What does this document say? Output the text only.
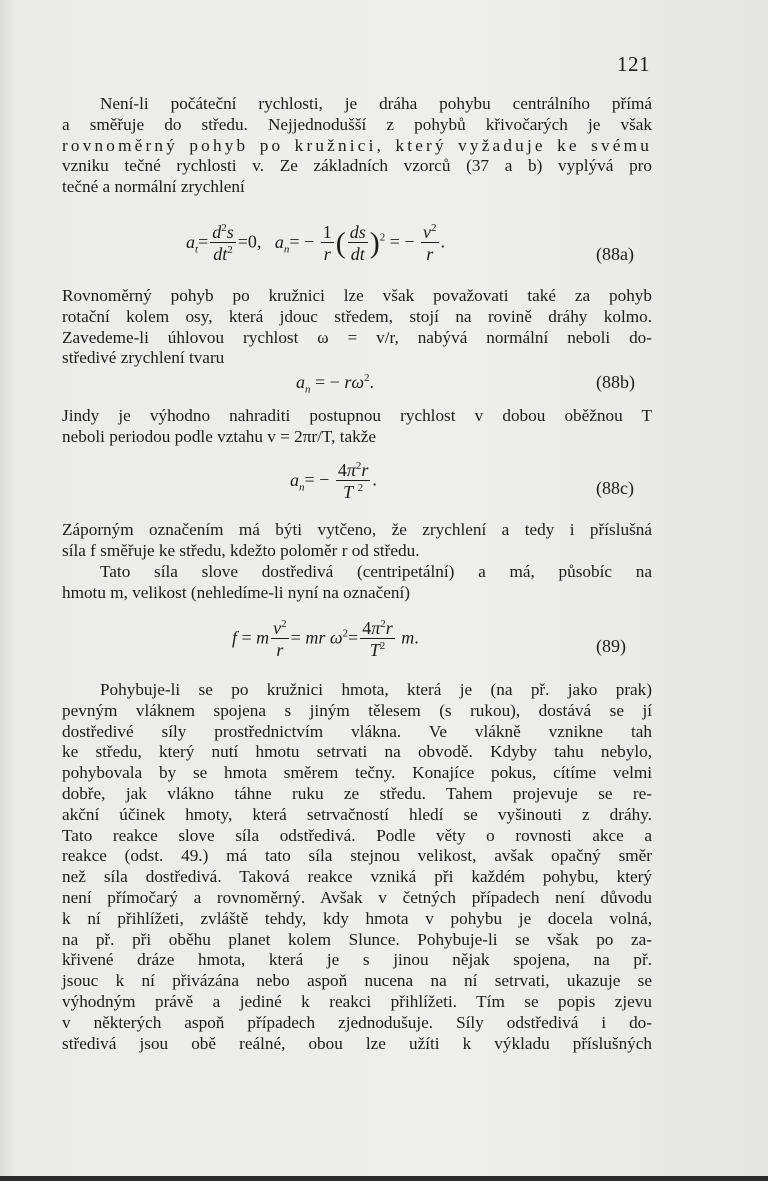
121
Není-li počáteční rychlosti, je dráha pohybu centrálního přímá
a směřuje do středu. Nejjednodušší z pohybů křivočarých je však
rovnoměrný pohyb po kružnici, který vyžaduje ke svému
vzniku tečné rychlosti v. Ze základních vzorců (37 a b) vyplývá pro
tečné a normální zrychlení
$a_t= \frac{d^2s}{dt^2} =0$,   $a_n= - \frac{1}{r}$ ( $\frac{ds}{dt} )^2$ = − $\frac{v^2}{r}$ .
(88a)
Rovnoměrný pohyb po kružnici lze však považovati také za pohyb
rotační kolem osy, která jdouc středem, stojí na rovině dráhy kolmo.
Zavedeme-li úhlovou rychlost ω = v/r, nabývá normální neboli do-
středivé zrychlení tvaru
$a_n$ = − $r\omega^2$.	(88b)
Jindy je výhodno nahraditi postupnou rychlost v dobou oběžnou T
neboli periodou podle vztahu v = 2πr/T, takže
$a_n= - \frac{4\pi^2r}{T ^2}$ .	(88c)
Záporným označením má býti vytčeno, že zrychlení a tedy i příslušná
síla f směřuje ke středu, kdežto poloměr r od středu.
Tato síla slove dostředivá (centripetální) a má, působíc na
hmotu m, velikost (nehledíme-li nyní na označení)
f = m $\frac{v^2}{r}$ = mr $\omega^2= \frac{4\pi^2r}{T^2} m$.	(89)
Pohybuje-li se po kružnici hmota, která je (na př. jako prak)
pevným vláknem spojena s jiným tělesem (s rukou), dostává se jí
dostředivé síly prostřednictvím vlákna. Ve vlákně vznikne tah
ke středu, který nutí hmotu setrvati na obvodě. Kdyby tahu nebylo,
pohybovala by se hmota směrem tečny. Konajíce pokus, cítíme velmi
dobře, jak vlákno táhne ruku ze středu. Tahem projevuje se re-
akční účinek hmoty, která setrvačností hledí se vyšinouti z dráhy.
Tato reakce slove síla odstředivá. Podle věty o rovnosti akce a
reakce (odst. 49.) má tato síla stejnou velikost, avšak opačný směr
než síla dostředivá. Taková reakce vzniká při každém pohybu, který
není přímočarý a rovnoměrný. Avšak v četných případech není důvodu
k ní přihlížeti, zvláště tehdy, kdy hmota v pohybu je docela volná,
na př. při oběhu planet kolem Slunce. Pohybuje-li se však po za-
křivené dráze hmota, která je s jinou nějak spojena, na př.
jsouc k ní přivázána nebo aspoň nucena na ní setrvati, ukazuje se
výhodným právě a jediné k reakci přihlížeti. Tím se popis zjevu
v některých aspoň případech zjednodušuje. Síly odstředivá i do-
středivá jsou obě reálné, obou lze užíti k výkladu příslušných
